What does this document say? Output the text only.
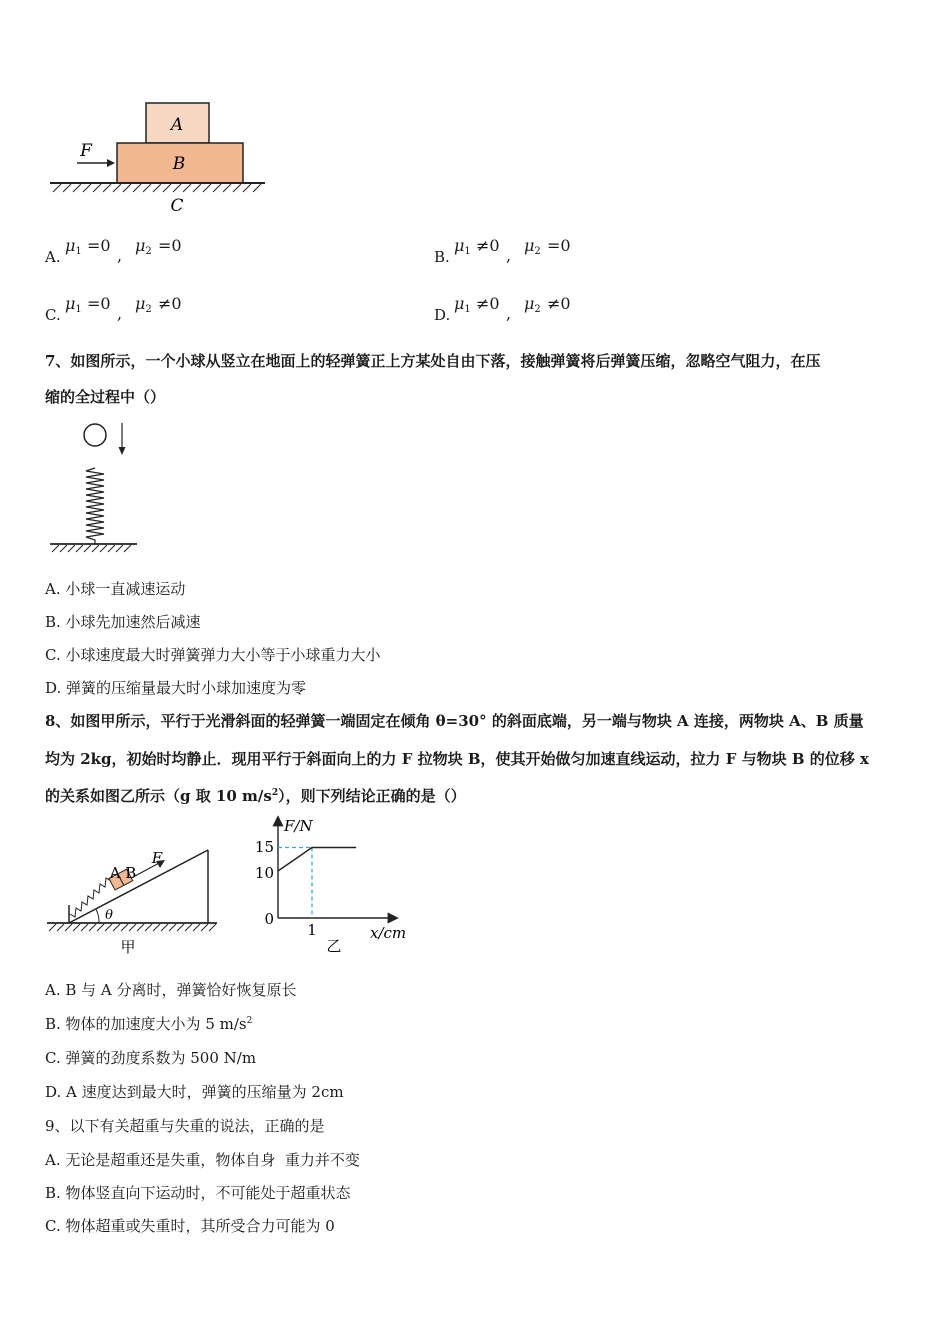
A
B
C
F
A.
$\mu_1 =0$
,
$\mu_2 =0$
B.
$\mu_1 \ne 0$
,
$\mu_2 =0$
C.
$\mu_1 =0$
,
$\mu_2 \ne 0$
D.
$\mu_1 \ne 0$
,
$\mu_2 \ne 0$
7、如图所示，一个小球从竖立在地面上的轻弹簧正上方某处自由下落，接触弹簧将后弹簧压缩，忽略空气阻力，在压
缩的全过程中（）
A. 小球一直减速运动
B. 小球先加速然后减速
C. 小球速度最大时弹簧弹力大小等于小球重力大小
D. 弹簧的压缩量最大时小球加速度为零
8、如图甲所示，平行于光滑斜面的轻弹簧一端固定在倾角 θ=30° 的斜面底端，另一端与物块 A 连接，两物块 A、B 质量
均为 2kg，初始时均静止．现用平行于斜面向上的力 F 拉物块 B，使其开始做匀加速直线运动，拉力 F 与物块 B 的位移 x
的关系如图乙所示（g 取 10 $m/s^2$），则下列结论正确的是（）
A B
F
θ
甲
F/N
15
10
0
1	x/cm
乙
A. B 与 A 分离时，弹簧恰好恢复原长
B. 物体的加速度大小为 5 $m/s^2$
C. 弹簧的劲度系数为 500 N/m
D. A 速度达到最大时，弹簧的压缩量为 2cm
9、以下有关超重与失重的说法，正确的是
A. 无论是超重还是失重，物体自身  重力并不变
B. 物体竖直向下运动时，不可能处于超重状态
C. 物体超重或失重时，其所受合力可能为 0
